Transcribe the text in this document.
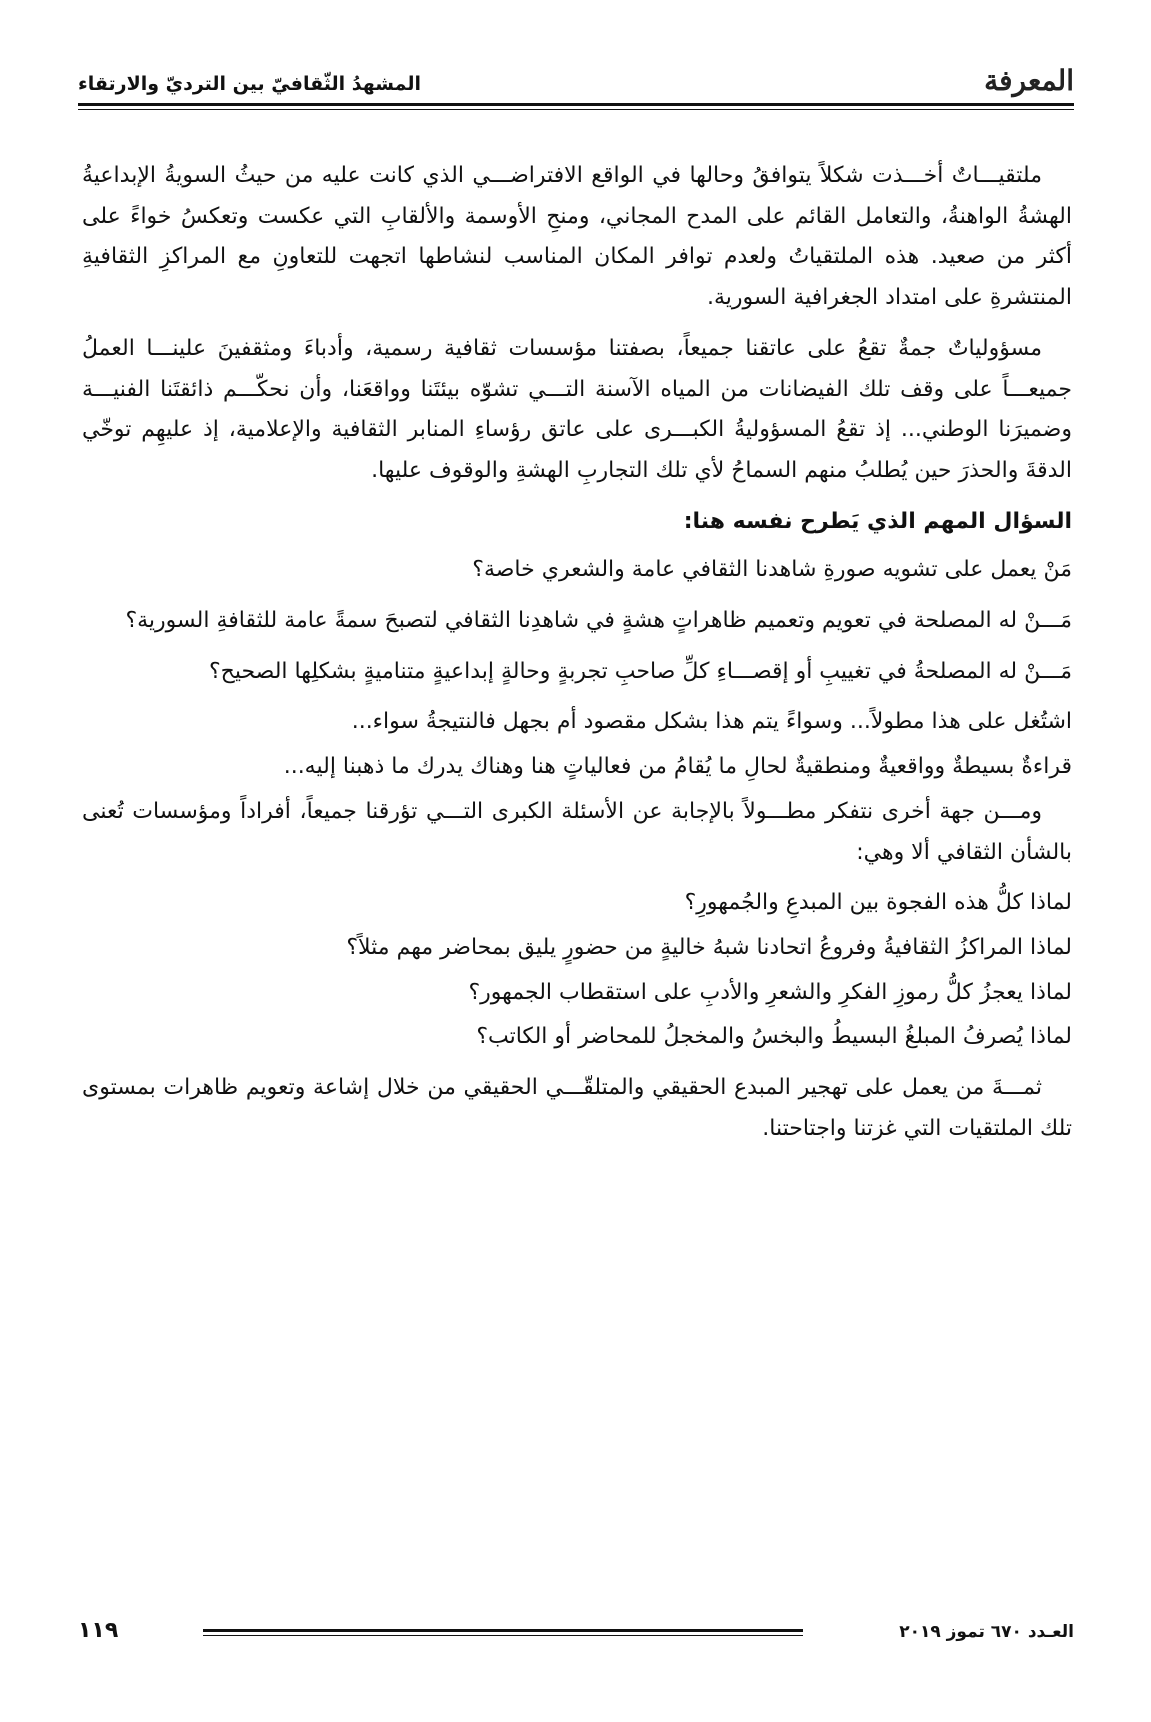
المعرفة
المشهدُ الثّقافيّ بين الترديّ والارتقاء

ملتقيـــاتٌ أخـــذت شكلاً يتوافقُ وحالها في الواقع الافتراضـــي الذي كانت عليه من حيثُ السويةُ الإبداعيةُ الهشةُ الواهنةُ، والتعامل القائم على المدح المجاني، ومنحِ الأوسمة والألقابِ التي عكست وتعكسُ خواءً على أكثر من صعيد. هذه الملتقياتُ ولعدم توافر المكان المناسب لنشاطها اتجهت للتعاونِ مع المراكزِ الثقافيةِ المنتشرةِ على امتداد الجغرافية السورية.

مسؤولياتٌ جمةٌ تقعُ على عاتقنا جميعاً، بصفتنا مؤسسات ثقافية رسمية، وأدباءَ ومثقفينَ علينـــا العملُ جميعـــاً على وقف تلك الفيضانات من المياه الآسنة التـــي تشوّه بيئتَنا وواقعَنا، وأن نحكّـــم ذائقتَنا الفنيـــة وضميرَنا الوطني... إذ تقعُ المسؤوليةُ الكبـــرى على عاتق رؤساءِ المنابر الثقافية والإعلامية، إذ عليهِم توخّي الدقةَ والحذرَ حين يُطلبُ منهم السماحُ لأي تلك التجاربِ الهشةِ والوقوف عليها.

السؤال المهم الذي يَطرح نفسه هنا:

مَنْ يعمل على تشويه صورةِ شاهدنا الثقافي عامة والشعري خاصة؟

مَـــنْ له المصلحة في تعويم وتعميم ظاهراتٍ هشةٍ في شاهدِنا الثقافي لتصبحَ سمةً عامة للثقافةِ السورية؟

مَـــنْ له المصلحةُ في تغييبِ أو إقصـــاءِ كلِّ صاحبِ تجربةٍ وحالةٍ إبداعيةٍ متناميةٍ بشكلِها الصحيح؟

اشتُغل على هذا مطولاً... وسواءً يتم هذا بشكل مقصود أم بجهل فالنتيجةُ سواء...

قراءةٌ بسيطةٌ وواقعيةٌ ومنطقيةٌ لحالِ ما يُقامُ من فعالياتٍ هنا وهناك يدرك ما ذهبنا إليه...

ومـــن جهة أخرى نتفكر مطـــولاً بالإجابة عن الأسئلة الكبرى التـــي تؤرقنا جميعاً، أفراداً ومؤسسات تُعنى بالشأن الثقافي ألا وهي:

لماذا كلُّ هذه الفجوة بين المبدعِ والجُمهورِ؟

لماذا المراكزُ الثقافيةُ وفروعُ اتحادنا شبهُ خاليةٍ من حضورٍ يليق بمحاضر مهم مثلاً؟

لماذا يعجزُ كلُّ رموزِ الفكرِ والشعرِ والأدبِ على استقطاب الجمهور؟

لماذا يُصرفُ المبلغُ البسيطُ والبخسُ والمخجلُ للمحاضر أو الكاتب؟

ثمـــةَ من يعمل على تهجير المبدع الحقيقي والمتلقّـــي الحقيقي من خلال إشاعة وتعويم ظاهرات بمستوى تلك الملتقيات التي غزتنا واجتاحتنا.

العـدد ٦٧٠ تموز ٢٠١٩
١١٩
